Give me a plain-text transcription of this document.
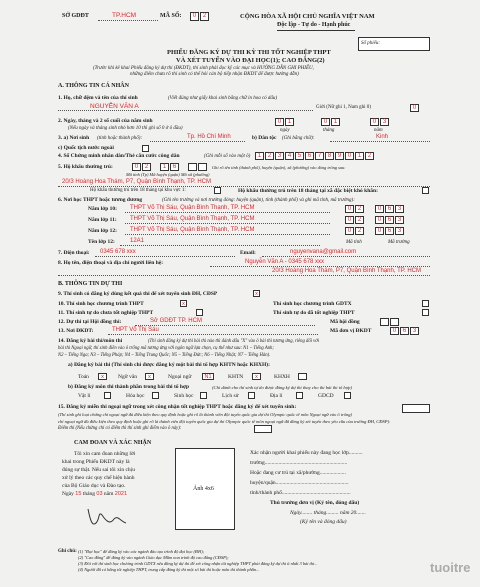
SỞ GDĐT	TP.HCM	MÃ SỐ:	0	2	CỘNG HÒA XÃ HỘI CHỦ NGHĨA VIỆT NAM
Độc lập - Tự do - Hạnh phúc
Số phiếu:
PHIẾU ĐĂNG KÝ DỰ THI KỲ THI TỐT NGHIỆP THPT
VÀ XÉT TUYỂN VÀO ĐẠI HỌC(1); CAO ĐẲNG(2)
(Trước khi kê khai Phiếu đăng ký dự thi (ĐKDT), thí sinh phải đọc kỹ các mục và HƯỚNG DẪN GHI PHIẾU,
những điểm chưa rõ thí sinh có thể hỏi cán bộ tiếp nhận ĐKDT để được hướng dẫn)
A. THÔNG TIN CÁ NHÂN
1. Họ, chữ đệm và tên của thí sinh	(Viết đúng như giấy khai sinh bằng chữ in hoa có dấu)
NGUYỄN VĂN A	Giới (Nữ ghi 1, Nam ghi 0)	0
2. Ngày, tháng và 2 số cuối của năm sinh
(Nếu ngày và tháng sinh nhỏ hơn 10 thì ghi số 0 ở ô đầu)
0	1	0	1	0	3
ngày	tháng	năm
3. a) Nơi sinh (tỉnh hoặc thành phố):	Tp. Hồ Chí Minh	b) Dân tộc (Ghi bằng chữ):	Kinh
c) Quốc tịch nước ngoài
4. Số Chứng minh nhân dân/Thẻ căn cước công dân	(Ghi mỗi số vào một ô)	1	2	3	4	5	6	7	8	9	0	1	2
5. Hộ khẩu thường trú:	0	2	1	6	Ghi rõ tên tỉnh (thành phố), huyện (quận), xã (phường) vào dòng trống sau:
Mã tỉnh (Tp) Mã huyện (quận) Mã xã (phường)
20/3 Hoàng Hoa Thám, P7, Quận Bình Thạnh, TP. HCM
Hộ khẩu thường trú trên 18 tháng tại khu vực 1:	Hộ khẩu thường trú trên 18 tháng tại xã đặc biệt khó khăn:
6. Nơi học THPT hoặc tương đương	(Ghi tên trường và nơi trường đóng: huyện (quận), tỉnh (thành phố) và ghi mã tỉnh, mã trường):
Năm lớp 10: THPT Võ Thị Sáu, Quận Bình Thạnh, TP. HCM	0	2	0	6	3
Năm lớp 11: THPT Võ Thị Sáu, Quận Bình Thạnh, TP. HCM	0	2	0	6	3
Năm lớp 12: THPT Võ Thị Sáu, Quận Bình Thạnh, TP. HCM	0	2	0	6	3
Tên lớp 12:	12A1	Mã tỉnh	Mã trường
7. Điện thoại: 0345 678 xxx	Email:	nguyenvana@gmail.com
8. Họ tên, điện thoại và địa chỉ người liên hệ:	Nguyễn Văn A - 0345 678 xxx
20/3 Hoàng Hoa Thám, P7, Quận Bình Thạnh, TP. HCM
B. THÔNG TIN DỰ THI
9. Thí sinh có đăng ký dùng kết quả thi để xét tuyển sinh ĐH, CĐSP	x
10. Thí sinh học chương trình THPT	x	Thí sinh học chương trình GDTX
11. Thí sinh tự do chưa tốt nghiệp THPT	Thí sinh tự do đã tốt nghiệp THPT
12. Dự thi tại Hội đồng thi:	Sở GDĐT TP. HCM	Mã hội đồng
13. Nơi ĐKDT:	THPT Võ Thị Sáu	Mã đơn vị ĐKDT	0	6	3
14. Đăng ký bài thi/môn thi	(Thí sinh đăng ký dự thi bài thi nào thì đánh dấu "X" vào ô bài thi tương ứng, riêng đối với
bài thi Ngoại ngữ, thí sinh điền vào ô trống mã tương ứng với ngôn ngữ lựa chọn, cụ thể như sau: N1 – Tiếng Anh;
N2 – Tiếng Nga; N3 – Tiếng Pháp; N4 – Tiếng Trung Quốc; N5 – Tiếng Đức; N6 – Tiếng Nhật; N7 – Tiếng Hàn).
a) Đăng ký bài thi (Thí sinh chỉ được đăng ký một bài thi tổ hợp KHTN hoặc KHXH):
Toán	x	Ngữ văn	x	Ngoại ngữ	N1	KHTN	x	KHXH
b) Đăng ký môn thi thành phần trong bài thi tổ hợp	(Chỉ dành cho thí sinh tự do được đăng ký dự thi thay cho thi bài thi tổ hợp)
Vật lí	Hóa học	Sinh học	Lịch sử	Địa lí	GDCD
15. Đăng ký miễn thi ngoại ngữ trong xét công nhận tốt nghiệp THPT hoặc đăng ký để xét tuyển sinh:
(Thí sinh ghi loại chứng chỉ ngoại ngữ đủ điều kiện theo quy định hoặc ghi rõ là thành viên đội tuyển quốc gia dự thi Olympic quốc tế môn Ngoại ngữ vào ô trống)
chỉ ngoại ngữ đủ điều kiện theo quy định hoặc ghi rõ là thành viên đội tuyển quốc gia dự thi Olympic quốc tế môn ngoại ngữ đã đăng ký xét tuyển theo yêu cầu của trường ĐH, CĐSP):
Điểm thi (Nếu chứng chỉ có điểm thì thí sinh ghi điểm vào ô này):
CAM ĐOAN VÀ XÁC NHẬN
Tôi xin cam đoan những lời
khai trong Phiếu ĐKDT này là
đúng sự thật. Nếu sai tôi xin chịu
xử lý theo các quy chế hiện hành
của Bộ Giáo dục và Đào tạo.
Ngày 15 tháng 03 năm 2021
Ảnh 4x6
Xác nhận người khai phiếu này đang học lớp..........
trường............................................................
Hoặc đang cư trú tại xã/phường...................
huyện/quận.....................................................
tỉnh/thành phố..................................................
Thủ trưởng đơn vị (Ký tên, đóng dấu)
Ngày........ tháng......... năm 20.......
(Ký tên và đóng dấu)
Ghi chú: (1) "Đại học" để đăng ký vào các ngành đào tạo trình độ đại học (ĐH);
(2) "Cao đẳng" để đăng ký vào ngành Giáo dục Mầm non trình độ cao đẳng (CĐSP);
(3) Đối với thí sinh học chương trình GDTX nếu đăng ký dự thi để xét công nhận tốt nghiệp THPT phải đăng ký dự thi ít nhất 3 bài thi...
(4) Người đã có bằng tốt nghiệp THPT, trung cấp đăng ký thi một số bài thi hoặc môn thi thành phần...	tuoitre
